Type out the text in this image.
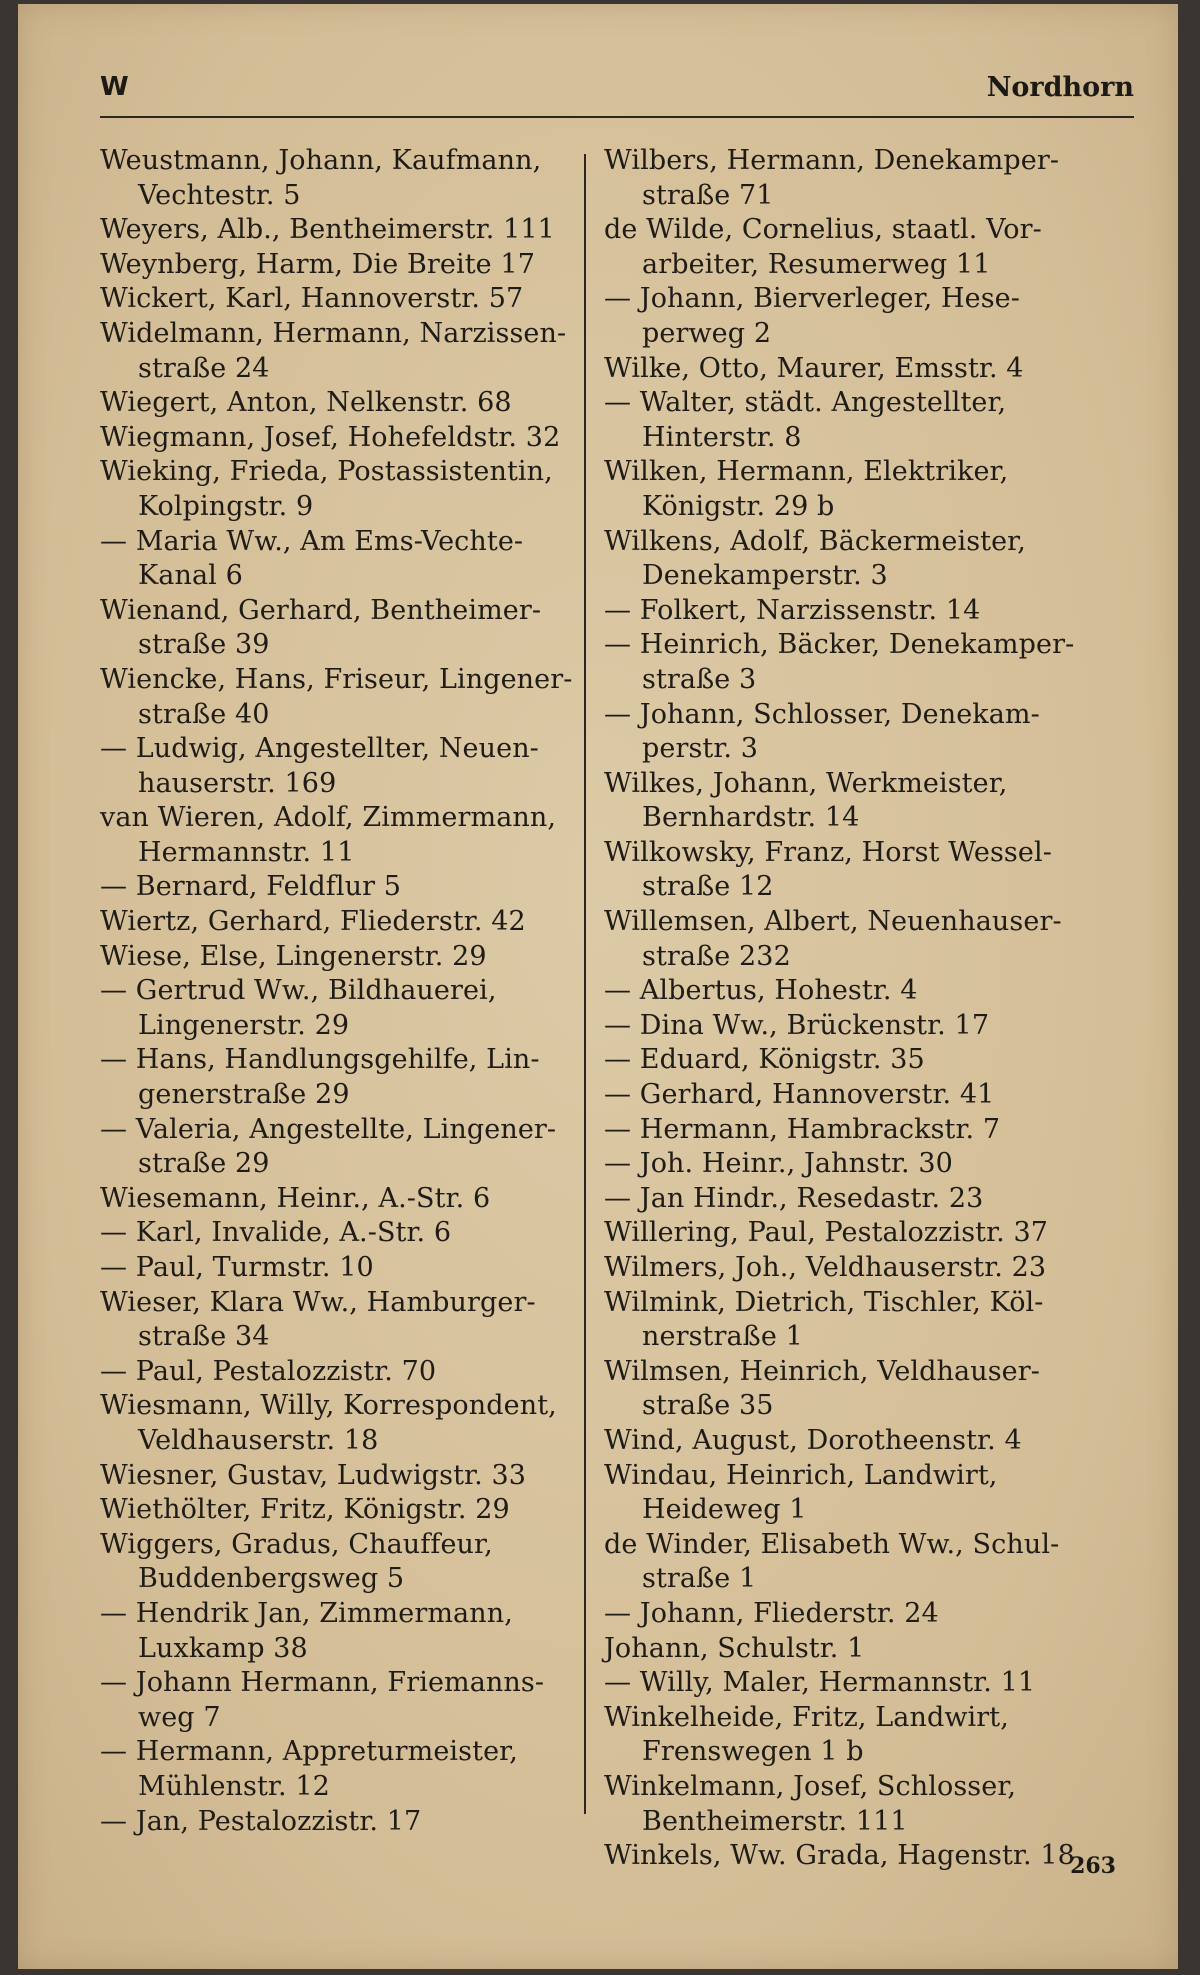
W	Nordhorn
Weustmann, Johann, Kaufmann,
Vechtestr. 5
Weyers, Alb., Bentheimerstr. 111
Weynberg, Harm, Die Breite 17
Wickert, Karl, Hannoverstr. 57
Widelmann, Hermann, Narzissen-
straße 24
Wiegert, Anton, Nelkenstr. 68
Wiegmann, Josef, Hohefeldstr. 32
Wieking, Frieda, Postassistentin,
Kolpingstr. 9
— Maria Ww., Am Ems-Vechte-
Kanal 6
Wienand, Gerhard, Bentheimer-
straße 39
Wiencke, Hans, Friseur, Lingener-
straße 40
— Ludwig, Angestellter, Neuen-
hauserstr. 169
van Wieren, Adolf, Zimmermann,
Hermannstr. 11
— Bernard, Feldflur 5
Wiertz, Gerhard, Fliederstr. 42
Wiese, Else, Lingenerstr. 29
— Gertrud Ww., Bildhauerei,
Lingenerstr. 29
— Hans, Handlungsgehilfe, Lin-
generstraße 29
— Valeria, Angestellte, Lingener-
straße 29
Wiesemann, Heinr., A.-Str. 6
— Karl, Invalide, A.-Str. 6
— Paul, Turmstr. 10
Wieser, Klara Ww., Hamburger-
straße 34
— Paul, Pestalozzistr. 70
Wiesmann, Willy, Korrespondent,
Veldhauserstr. 18
Wiesner, Gustav, Ludwigstr. 33
Wiethölter, Fritz, Königstr. 29
Wiggers, Gradus, Chauffeur,
Buddenbergsweg 5
— Hendrik Jan, Zimmermann,
Luxkamp 38
— Johann Hermann, Friemanns-
weg 7
— Hermann, Appreturmeister,
Mühlenstr. 12
— Jan, Pestalozzistr. 17
Wilbers, Hermann, Denekamper-
straße 71
de Wilde, Cornelius, staatl. Vor-
arbeiter, Resumerweg 11
— Johann, Bierverleger, Hese-
perweg 2
Wilke, Otto, Maurer, Emsstr. 4
— Walter, städt. Angestellter,
Hinterstr. 8
Wilken, Hermann, Elektriker,
Königstr. 29 b
Wilkens, Adolf, Bäckermeister,
Denekamperstr. 3
— Folkert, Narzissenstr. 14
— Heinrich, Bäcker, Denekamper-
straße 3
— Johann, Schlosser, Denekam-
perstr. 3
Wilkes, Johann, Werkmeister,
Bernhardstr. 14
Wilkowsky, Franz, Horst Wessel-
straße 12
Willemsen, Albert, Neuenhauser-
straße 232
— Albertus, Hohestr. 4
— Dina Ww., Brückenstr. 17
— Eduard, Königstr. 35
— Gerhard, Hannoverstr. 41
— Hermann, Hambrackstr. 7
— Joh. Heinr., Jahnstr. 30
— Jan Hindr., Resedastr. 23
Willering, Paul, Pestalozzistr. 37
Wilmers, Joh., Veldhauserstr. 23
Wilmink, Dietrich, Tischler, Köl-
nerstraße 1
Wilmsen, Heinrich, Veldhauser-
straße 35
Wind, August, Dorotheenstr. 4
Windau, Heinrich, Landwirt,
Heideweg 1
de Winder, Elisabeth Ww., Schul-
straße 1
— Johann, Fliederstr. 24
Johann, Schulstr. 1
— Willy, Maler, Hermannstr. 11
Winkelheide, Fritz, Landwirt,
Frenswegen 1 b
Winkelmann, Josef, Schlosser,
Bentheimerstr. 111
Winkels, Ww. Grada, Hagenstr. 18
263
